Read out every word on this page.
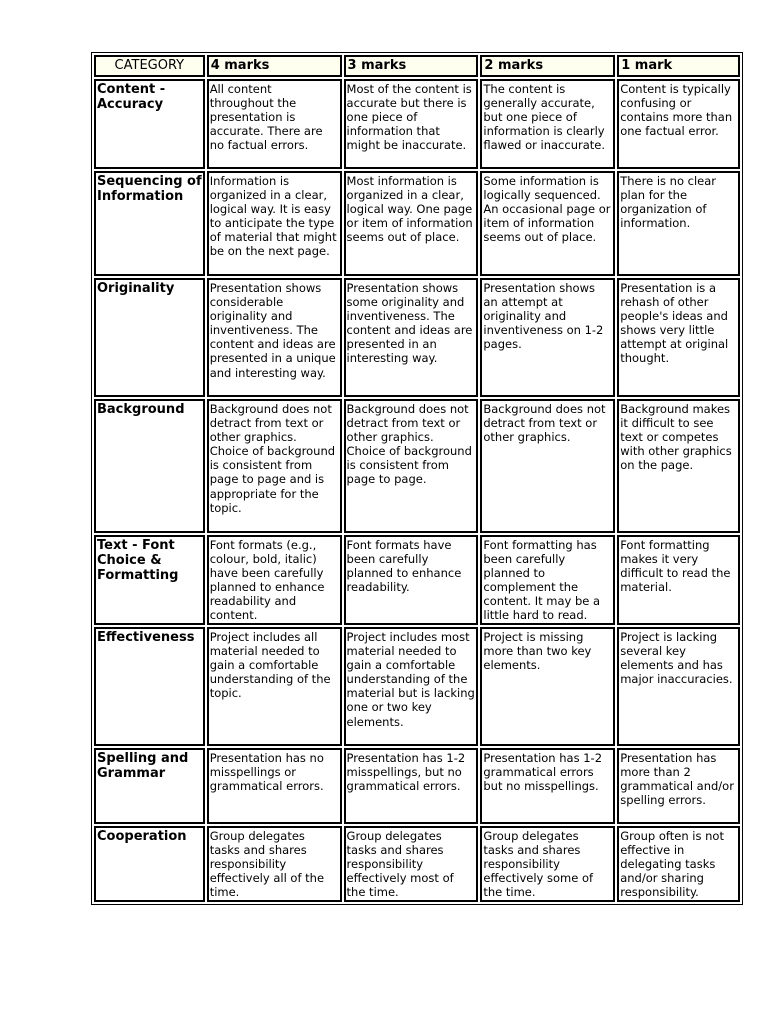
CATEGORY	4 marks	3 marks	2 marks	1 mark
Content - Accuracy	All content throughout the presentation is accurate. There are no factual errors.	Most of the content is accurate but there is one piece of information that might be inaccurate.	The content is generally accurate, but one piece of information is clearly flawed or inaccurate.	Content is typically confusing or contains more than one factual error.
Sequencing of Information	Information is organized in a clear, logical way. It is easy to anticipate the type of material that might be on the next page.	Most information is organized in a clear, logical way. One page or item of information seems out of place.	Some information is logically sequenced. An occasional page or item of information seems out of place.	There is no clear plan for the organization of information.
Originality	Presentation shows considerable originality and inventiveness. The content and ideas are presented in a unique and interesting way.	Presentation shows some originality and inventiveness. The content and ideas are presented in an interesting way.	Presentation shows an attempt at originality and inventiveness on 1-2 pages.	Presentation is a rehash of other people's ideas and shows very little attempt at original thought.
Background	Background does not detract from text or other graphics. Choice of background is consistent from page to page and is appropriate for the topic.	Background does not detract from text or other graphics. Choice of background is consistent from page to page.	Background does not detract from text or other graphics.	Background makes it difficult to see text or competes with other graphics on the page.
Text - Font Choice & Formatting	Font formats (e.g., colour, bold, italic) have been carefully planned to enhance readability and content.	Font formats have been carefully planned to enhance readability.	Font formatting has been carefully planned to complement the content. It may be a little hard to read.	Font formatting makes it very difficult to read the material.
Effectiveness	Project includes all material needed to gain a comfortable understanding of the topic.	Project includes most material needed to gain a comfortable understanding of the material but is lacking one or two key elements.	Project is missing more than two key elements.	Project is lacking several key elements and has major inaccuracies.
Spelling and Grammar	Presentation has no misspellings or grammatical errors.	Presentation has 1-2 misspellings, but no grammatical errors.	Presentation has 1-2 grammatical errors but no misspellings.	Presentation has more than 2 grammatical and/or spelling errors.
Cooperation	Group delegates tasks and shares responsibility effectively all of the time.	Group delegates tasks and shares responsibility effectively most of the time.	Group delegates tasks and shares responsibility effectively some of the time.	Group often is not effective in delegating tasks and/or sharing responsibility.
